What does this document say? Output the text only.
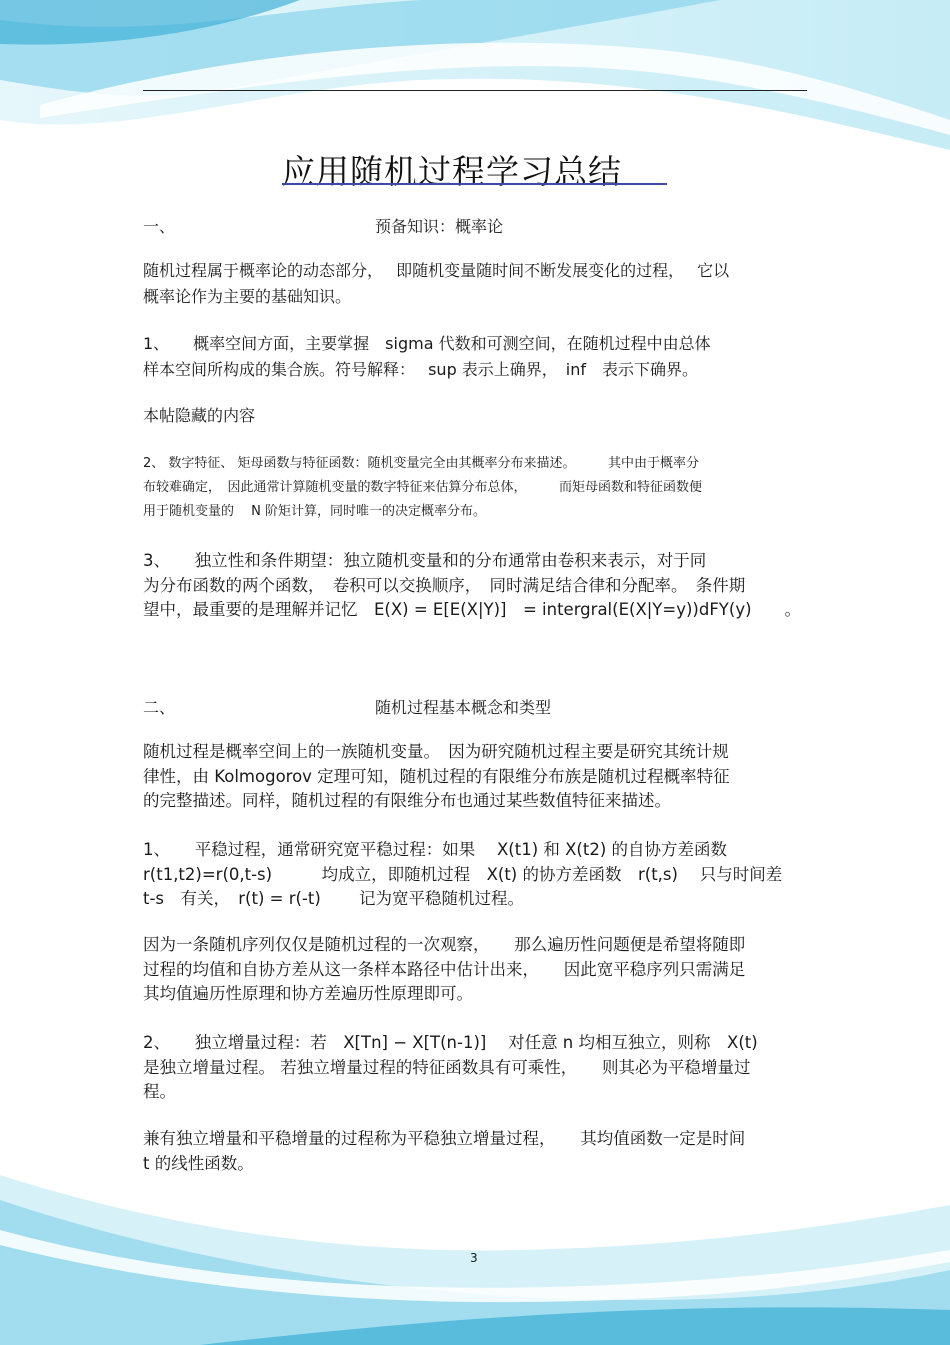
应用随机过程学习总结
一、	预备知识：概率论
随机过程属于概率论的动态部分，　 即随机变量随时间不断发展变化的过程，　 它以
概率论作为主要的基础知识。
1、　　概率空间方面，主要掌握　sigma 代数和可测空间，在随机过程中由总体
样本空间所构成的集合族。符号解释：　 sup 表示上确界，　inf　表示下确界。
本帖隐藏的内容
2、 数字特征、 矩母函数与特征函数：随机变量完全由其概率分布来描述。　　　其中由于概率分
布较难确定，　因此通常计算随机变量的数字特征来估算分布总体，　　　而矩母函数和特征函数便
用于随机变量的　 N 阶矩计算，同时唯一的决定概率分布。
3、　　独立性和条件期望：独立随机变量和的分布通常由卷积来表示，对于同
为分布函数的两个函数，　卷积可以交换顺序，　同时满足结合律和分配率。　条件期
望中，最重要的是理解并记忆　E(X) = E[E(X|Y)]　= intergral(E(X|Y=y))dFY(y)　　。
二、	随机过程基本概念和类型
随机过程是概率空间上的一族随机变量。　因为研究随机过程主要是研究其统计规
律性，由 Kolmogorov 定理可知，随机过程的有限维分布族是随机过程概率特征
的完整描述。同样，随机过程的有限维分布也通过某些数值特征来描述。
1、　　平稳过程，通常研究宽平稳过程：如果　 X(t1) 和 X(t2) 的自协方差函数
r(t1,t2)=r(0,t-s)　　　均成立，即随机过程　X(t) 的协方差函数　r(t,s)　 只与时间差
t-s　有关，　r(t) = r(-t)　　 记为宽平稳随机过程。
因为一条随机序列仅仅是随机过程的一次观察，　　那么遍历性问题便是希望将随即
过程的均值和自协方差从这一条样本路径中估计出来，　　因此宽平稳序列只需满足
其均值遍历性原理和协方差遍历性原理即可。
2、　　独立增量过程：若　X[Tn] − X[T(n-1)]　 对任意 n 均相互独立，则称　X(t)
是独立增量过程。 若独立增量过程的特征函数具有可乘性，　　则其必为平稳增量过
程。
兼有独立增量和平稳增量的过程称为平稳独立增量过程，　　其均值函数一定是时间
t 的线性函数。
3
